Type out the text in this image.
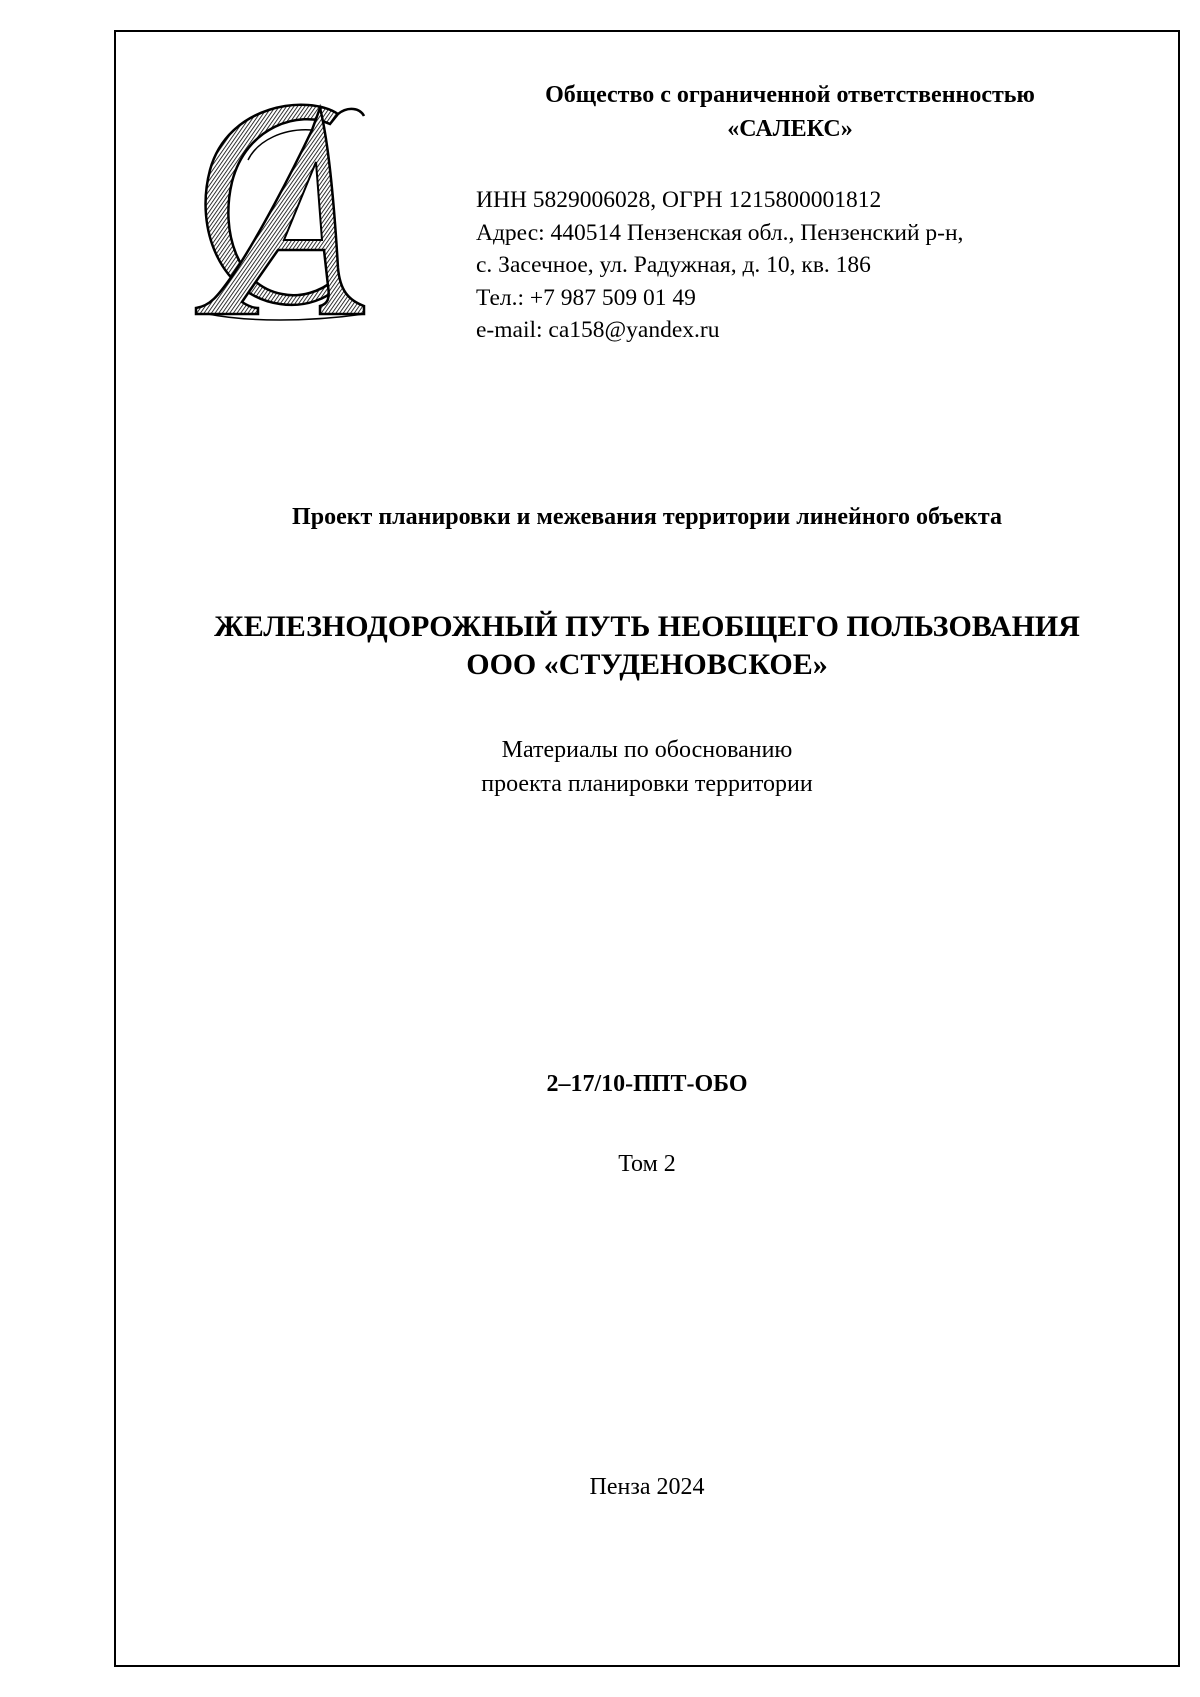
Общество с ограниченной ответственностью
«САЛЕКС»
ИНН 5829006028, ОГРН 1215800001812
Адрес: 440514 Пензенская обл., Пензенский р-н,
с. Засечное, ул. Радужная, д. 10, кв. 186
Тел.: +7 987 509 01 49
e-mail: ca158@yandex.ru
Проект планировки и межевания территории линейного объекта
ЖЕЛЕЗНОДОРОЖНЫЙ ПУТЬ НЕОБЩЕГО ПОЛЬЗОВАНИЯ
ООО «СТУДЕНОВСКОЕ»
Материалы по обоснованию
проекта планировки территории
2–17/10-ППТ-ОБО
Том 2
Пенза 2024
